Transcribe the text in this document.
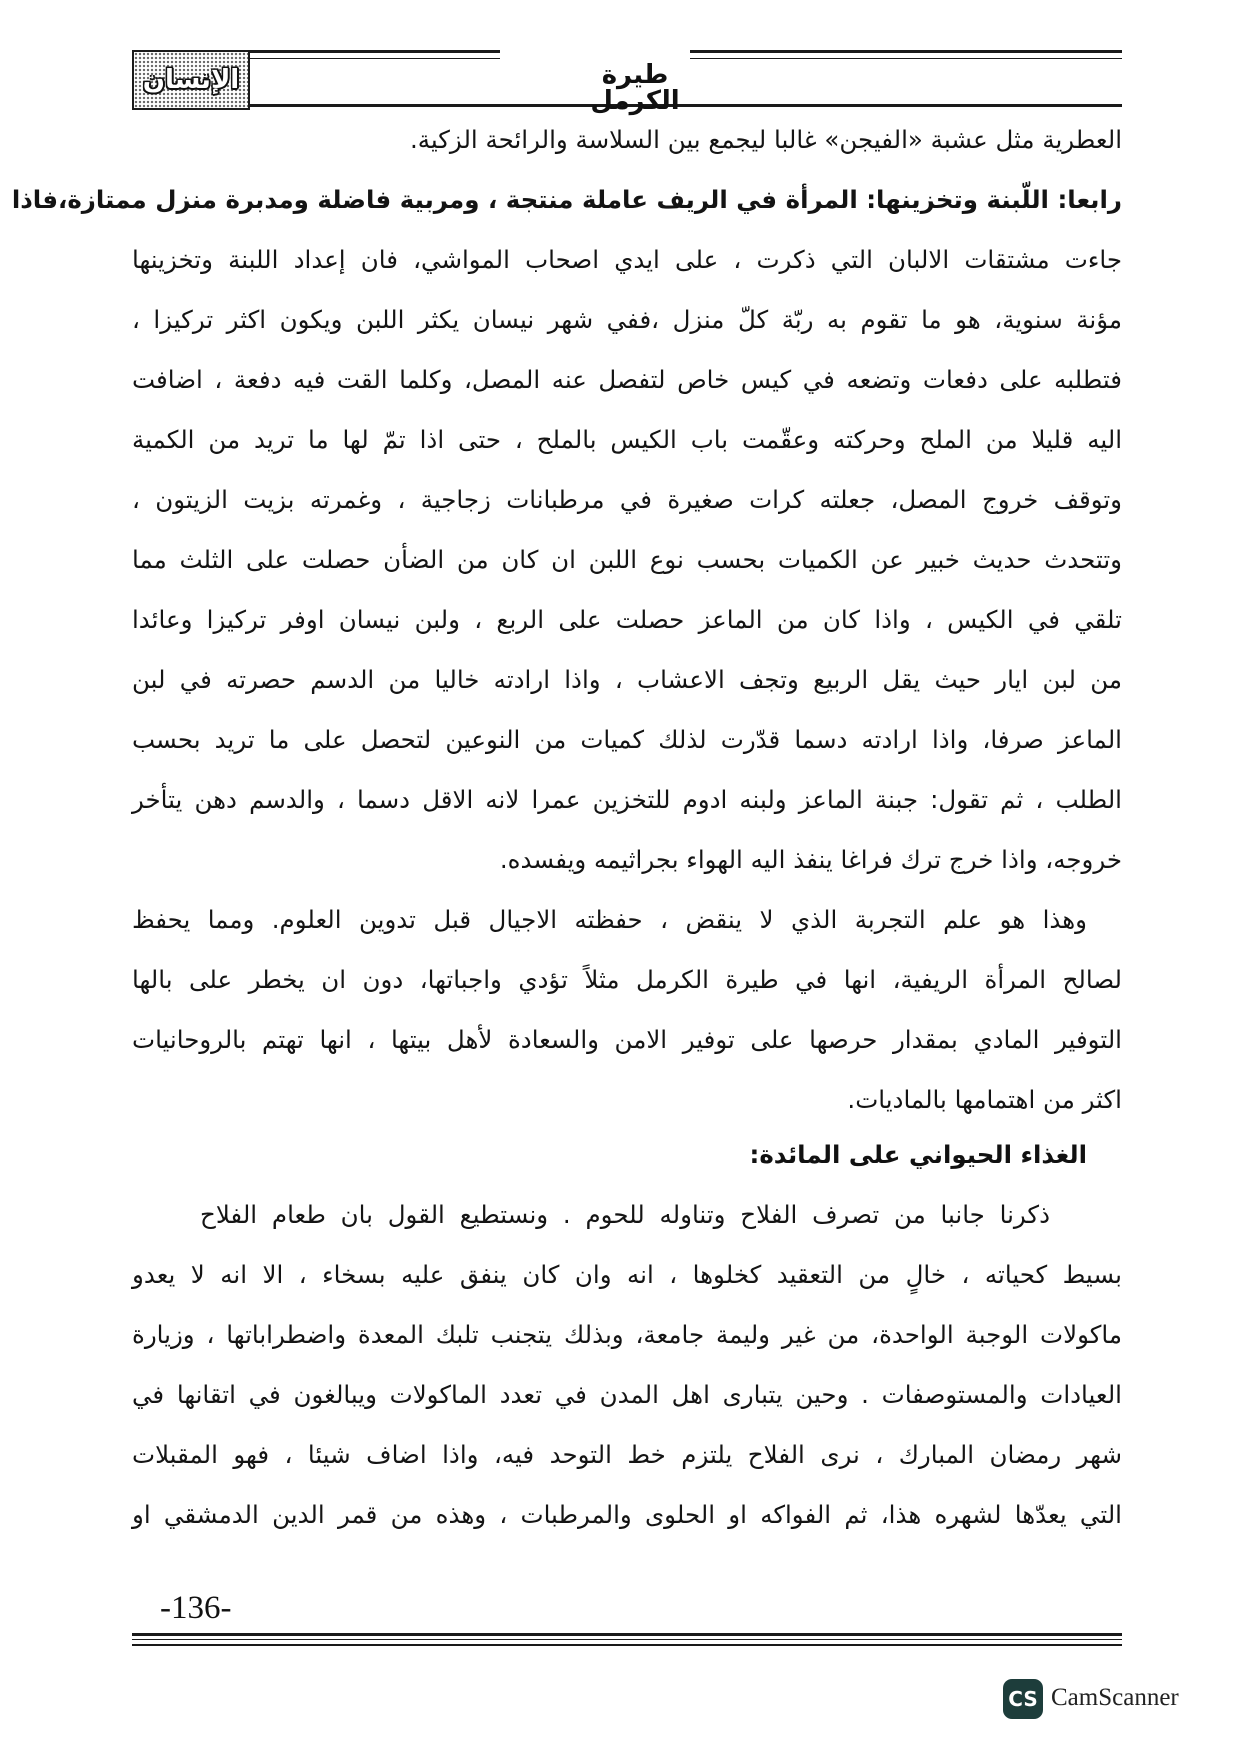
الإنسان	طيرة الكرمل
العطرية مثل عشبة «الفيجن» غالبا ليجمع بين السلاسة والرائحة الزكية.
رابعا: اللّبنة وتخزينها: المرأة في الريف عاملة منتجة ، ومربية فاضلة ومدبرة منزل ممتازة،فاذا
جاءت مشتقات الالبان التي ذكرت ، على ايدي اصحاب المواشي، فان إعداد اللبنة وتخزينها
مؤنة سنوية، هو ما تقوم به ربّة كلّ منزل ،ففي شهر نيسان يكثر اللبن ويكون اكثر تركيزا ،
فتطلبه على دفعات وتضعه في كيس خاص لتفصل عنه المصل، وكلما القت فيه دفعة ، اضافت
اليه قليلا من الملح وحركته وعقّمت باب الكيس بالملح ، حتى اذا تمّ لها ما تريد من الكمية
وتوقف خروج المصل، جعلته كرات صغيرة في مرطبانات زجاجية ، وغمرته بزيت الزيتون ،
وتتحدث حديث خبير عن الكميات بحسب نوع اللبن ان كان من الضأن حصلت على الثلث مما
تلقي في الكيس ، واذا كان من الماعز حصلت على الربع ، ولبن نيسان اوفر تركيزا وعائدا
من لبن ايار حيث يقل الربيع وتجف الاعشاب ، واذا ارادته خاليا من الدسم حصرته في لبن
الماعز صرفا، واذا ارادته دسما قدّرت لذلك كميات من النوعين لتحصل على ما تريد بحسب
الطلب ، ثم تقول: جبنة الماعز ولبنه ادوم للتخزين عمرا لانه الاقل دسما ، والدسم دهن يتأخر
خروجه، واذا خرج ترك فراغا ينفذ اليه الهواء بجراثيمه ويفسده.
وهذا هو علم التجربة الذي لا ينقض ، حفظته الاجيال قبل تدوين العلوم. ومما يحفظ
لصالح المرأة الريفية، انها في طيرة الكرمل مثلاً تؤدي واجباتها، دون ان يخطر على بالها
التوفير المادي بمقدار حرصها على توفير الامن والسعادة لأهل بيتها ، انها تهتم بالروحانيات
اكثر من اهتمامها بالماديات.
الغذاء الحيواني على المائدة:
ذكرنا جانبا من تصرف الفلاح وتناوله للحوم . ونستطيع القول بان طعام الفلاح
بسيط كحياته ، خالٍ من التعقيد كخلوها ، انه وان كان ينفق عليه بسخاء ، الا انه لا يعدو
ماكولات الوجبة الواحدة، من غير وليمة جامعة، وبذلك يتجنب تلبك المعدة واضطراباتها ، وزيارة
العيادات والمستوصفات . وحين يتبارى اهل المدن في تعدد الماكولات ويبالغون في اتقانها في
شهر رمضان المبارك ، نرى الفلاح يلتزم خط التوحد فيه، واذا اضاف شيئا ، فهو المقبلات
التي يعدّها لشهره هذا، ثم الفواكه او الحلوى والمرطبات ، وهذه من قمر الدين الدمشقي او
-136-
CS CamScanner
